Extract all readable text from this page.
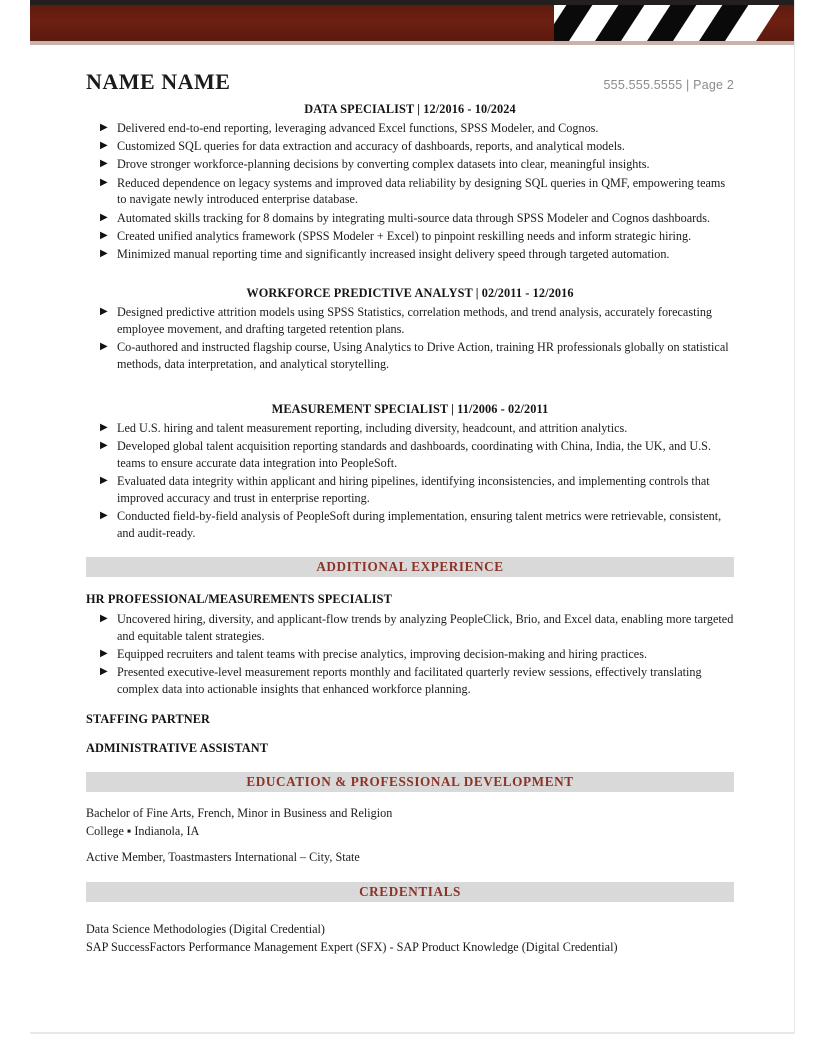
NAME NAME	555.555.5555 | Page 2
DATA SPECIALIST | 12/2016 - 10/2024
▶ Delivered end-to-end reporting, leveraging advanced Excel functions, SPSS Modeler, and Cognos.
▶ Customized SQL queries for data extraction and accuracy of dashboards, reports, and analytical models.
▶ Drove stronger workforce-planning decisions by converting complex datasets into clear, meaningful insights.
▶ Reduced dependence on legacy systems and improved data reliability by designing SQL queries in QMF, empowering teams to navigate newly introduced enterprise database.
▶ Automated skills tracking for 8 domains by integrating multi-source data through SPSS Modeler and Cognos dashboards.
▶ Created unified analytics framework (SPSS Modeler + Excel) to pinpoint reskilling needs and inform strategic hiring.
▶ Minimized manual reporting time and significantly increased insight delivery speed through targeted automation.
WORKFORCE PREDICTIVE ANALYST | 02/2011 - 12/2016
▶ Designed predictive attrition models using SPSS Statistics, correlation methods, and trend analysis, accurately forecasting employee movement, and drafting targeted retention plans.
▶ Co-authored and instructed flagship course, Using Analytics to Drive Action, training HR professionals globally on statistical methods, data interpretation, and analytical storytelling.
MEASUREMENT SPECIALIST | 11/2006 - 02/2011
▶ Led U.S. hiring and talent measurement reporting, including diversity, headcount, and attrition analytics.
▶ Developed global talent acquisition reporting standards and dashboards, coordinating with China, India, the UK, and U.S. teams to ensure accurate data integration into PeopleSoft.
▶ Evaluated data integrity within applicant and hiring pipelines, identifying inconsistencies, and implementing controls that improved accuracy and trust in enterprise reporting.
▶ Conducted field-by-field analysis of PeopleSoft during implementation, ensuring talent metrics were retrievable, consistent, and audit-ready.
ADDITIONAL EXPERIENCE
HR PROFESSIONAL/MEASUREMENTS SPECIALIST
▶ Uncovered hiring, diversity, and applicant-flow trends by analyzing PeopleClick, Brio, and Excel data, enabling more targeted and equitable talent strategies.
▶ Equipped recruiters and talent teams with precise analytics, improving decision-making and hiring practices.
▶ Presented executive-level measurement reports monthly and facilitated quarterly review sessions, effectively translating complex data into actionable insights that enhanced workforce planning.
STAFFING PARTNER
ADMINISTRATIVE ASSISTANT
EDUCATION & PROFESSIONAL DEVELOPMENT
Bachelor of Fine Arts, French, Minor in Business and Religion
College ▪ Indianola, IA
Active Member, Toastmasters International – City, State
CREDENTIALS
Data Science Methodologies (Digital Credential)
SAP SuccessFactors Performance Management Expert (SFX) - SAP Product Knowledge (Digital Credential)
